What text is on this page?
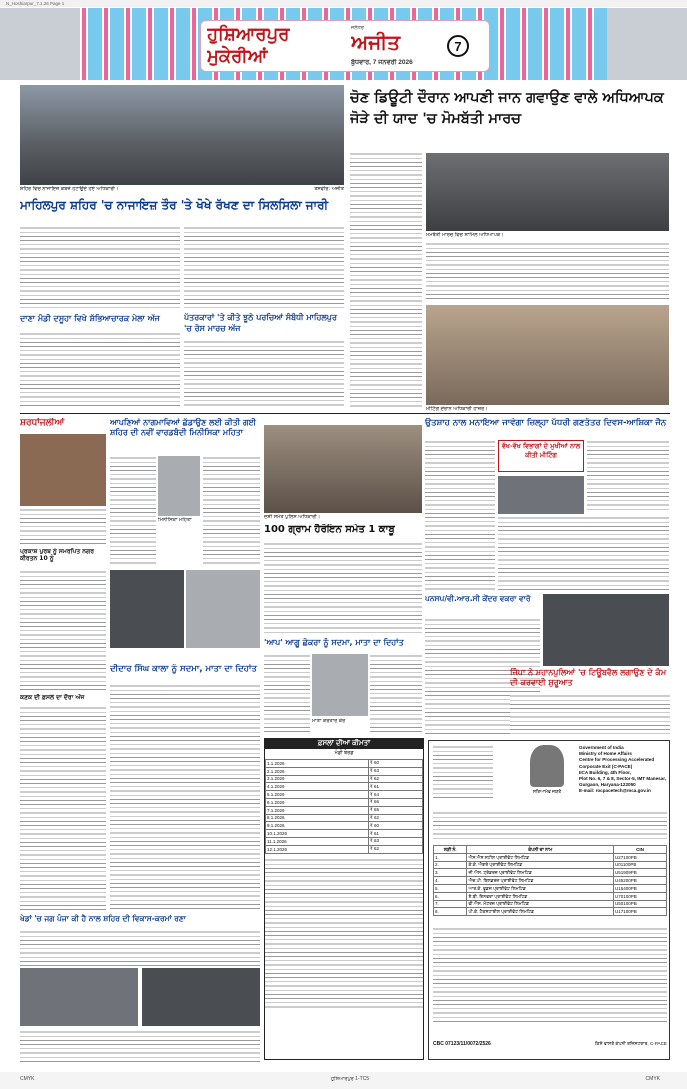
N_Hoshiarpur_7.1.26 Page 1
ਹੁਸ਼ਿਆਰਪੁਰ ਮੁਕੇਰੀਆਂ
ਜਲੰਧਰ
ਅਜੀਤ
ਬੁੱਧਵਾਰ, 7 ਜਨਵਰੀ 2026
7
ਸ਼ਹਿਰ ਵਿਚ ਨਾਜਾਇਜ਼ ਕਬਜ਼ੇ ਹਟਾਉਂਦੇ ਹੋਏ ਅਧਿਕਾਰੀ।	ਤਸਵੀਰ: ਅਜੀਤ
ਚੋਣ ਡਿਊਟੀ ਦੌਰਾਨ ਆਪਣੀ ਜਾਨ ਗਵਾਉਣ ਵਾਲੇ ਅਧਿਆਪਕ ਜੋੜੇ ਦੀ ਯਾਦ 'ਚ ਮੋਮਬੱਤੀ ਮਾਰਚ
ਮੋਮਬੱਤੀ ਮਾਰਚ ਵਿਚ ਸ਼ਾਮਿਲ ਅਧਿਆਪਕ।
ਮੀਟਿੰਗ ਦੌਰਾਨ ਅਧਿਕਾਰੀ ਹਾਜ਼ਰ।
ਮਾਹਿਲਪੁਰ ਸ਼ਹਿਰ 'ਚ ਨਾਜਾਇਜ਼ ਤੌਰ 'ਤੇ ਖੋਖੇ ਰੱਖਣ ਦਾ ਸਿਲਸਿਲਾ ਜਾਰੀ
ਦਾਣਾ ਮੰਡੀ ਦਸੂਹਾ ਵਿਖੇ ਸ਼ੱਭਿਆਚਾਰਕ ਮੇਲਾ ਅੱਜ	ਪੱਤਰਕਾਰਾਂ 'ਤੇ ਕੀਤੇ ਝੂਠੇ ਪਰਚਿਆਂ ਸੰਬੰਧੀ ਮਾਹਿਲਪੁਰ 'ਚ ਰੋਸ ਮਾਰਚ ਅੱਜ
ਸ਼ਰਧਾਂਜਲੀਆਂ
ਪ੍ਰਕਾਸ਼ ਪੁਰਬ ਨੂੰ ਸਮਰਪਿਤ ਨਗਰ ਕੀਰਤਨ 10 ਨੂੰ
ਕਣਕ ਦੀ ਫ਼ਸਲ ਦਾ ਦੌਰਾ ਅੱਜ
ਆਪਣਿਆਂ ਨਾਗਮਾਵਿਆਂ ਛੱਡਾਉਣ ਲਈ ਕੀਤੀ ਗਈ ਸ਼ਹਿਰ ਦੀ ਨਵੀਂ ਵਾਰਡਬੰਦੀ ਮਿਨੀਸਿਕਾ ਮਹਿਤਾ
ਮਿਨੀਸਿਕਾ ਮਹਿਤਾ
ਦੀਦਾਰ ਸਿੰਘ ਕਾਲਾ ਨੂੰ ਸਦਮਾ, ਮਾਤਾ ਦਾ ਦਿਹਾਂਤ
ਦੋਸ਼ੀ ਸਮੇਤ ਪੁਲਿਸ ਅਧਿਕਾਰੀ।
100 ਗ੍ਰਾਮ ਹੈਰੋਇਨ ਸਮੇਤ 1 ਕਾਬੂ
'ਆਪ' ਆਗੂ ਛੋਕਰਾ ਨੂੰ ਸਦਮਾ, ਮਾਤਾ ਦਾ ਦਿਹਾਂਤ
ਮਾਤਾ ਕਰਤਾਰ ਕੌਰ
ਉਤਸ਼ਾਹ ਨਾਲ ਮਨਾਇਆ ਜਾਵੇਗਾ ਜ਼ਿਲ੍ਹਾ ਪੱਧਰੀ ਗਣਤੰਤਰ ਦਿਵਸ-ਆਸ਼ਿਕਾ ਜੈਨ
ਵੱਖ-ਵੱਖ ਵਿਭਾਗਾਂ ਦੇ ਮੁਖੀਆਂ ਨਾਲ ਕੀਤੀ ਮੀਟਿੰਗ
ਪਨਸਪ/ਵੀ.ਆਰ.ਸੀ ਕੇਂਦਰ ਵਕਰਾ ਵਾਰੋ
ਜਿੰਪਾ ਨੇ ਮਹਾਨਪੁਲਿਆਂ 'ਚ ਟਿਊਬਵੈਲ ਲਗਾਉਣ ਦੇ ਕੰਮ ਦੀ ਕਰਵਾਈ ਸ਼ੁਰੂਆਤ
ਫ਼ਸਲਾਂ ਦੀਆਂ ਕੀਮਤਾਂ
ਮੰਡੀ ਬੋਰਡ
1.1.2026	₹ 60
2.1.2026	₹ 63
3.1.2026	₹ 62
4.1.2026	₹ 61
5.1.2026	₹ 64
6.1.2026	₹ 66
7.1.2026	₹ 65
8.1.2026	₹ 62
9.1.2026	₹ 60
10.1.2026	₹ 61
11.1.2026	₹ 63
12.1.2026	₹ 62
ਸਤਿਆਮੇਵ ਜਯਤੇ
Government of India
Ministry of Home Affairs
Centre for Processing Accelerated
Corporate Exit (C-PACE)
IICA Building, 4th Floor,
Plot No. 6, 7 & 8, Sector-5, IMT Manesar,
Gurgaon, Haryana-122050
E-mail: rocpacetech@mca.gov.in
ਲੜੀ ਨੰ.	ਕੰਪਨੀ ਦਾ ਨਾਮ	CIN
1.	ਐਸ.ਐਸ.ਸਟੀਲ ਪ੍ਰਾਈਵੇਟ ਲਿਮਟਿਡ	U27100PB
2.	ਕੇ.ਕੇ. ਐਗਰੋ ਪ੍ਰਾਈਵੇਟ ਲਿਮਟਿਡ	U01100PB
3.	ਜੀ.ਐਸ. ਟ੍ਰੇਡਰਜ਼ ਪ੍ਰਾਈਵੇਟ ਲਿਮਟਿਡ	U51909PB
4.	ਐਚ.ਪੀ. ਬਿਲਡਰਜ਼ ਪ੍ਰਾਈਵੇਟ ਲਿਮਟਿਡ	U45200PB
5.	ਆਰ.ਕੇ. ਫੂਡਜ਼ ਪ੍ਰਾਈਵੇਟ ਲਿਮਟਿਡ	U15400PB
6.	ਏ.ਬੀ. ਇਨਫਰਾ ਪ੍ਰਾਈਵੇਟ ਲਿਮਟਿਡ	U70100PB
7.	ਵੀ.ਐਸ. ਮੋਟਰਜ਼ ਪ੍ਰਾਈਵੇਟ ਲਿਮਟਿਡ	U50100PB
8.	ਪੀ.ਕੇ. ਟੈਕਸਟਾਈਲ ਪ੍ਰਾਈਵੇਟ ਲਿਮਟਿਡ	U17100PB
CBC 07123/11/0072/2526	ਕਿਸੇ ਵਾਸਤੇ ਕੰਪਨੀ ਰਜਿਸਟਰਾਰ, C-PACE
ਖੇਡਾਂ 'ਚ ਜਗ ਪੰਜਾ ਕੀ ਹੈ ਨਾਲ ਸ਼ਹਿਰ ਦੀ ਵਿਕਾਸ-ਕਰਮਾਂ ਰਣਾ
CMYK	ਹੁਸ਼ਿਆਰਪੁਰ 1-TC5	CMYK
